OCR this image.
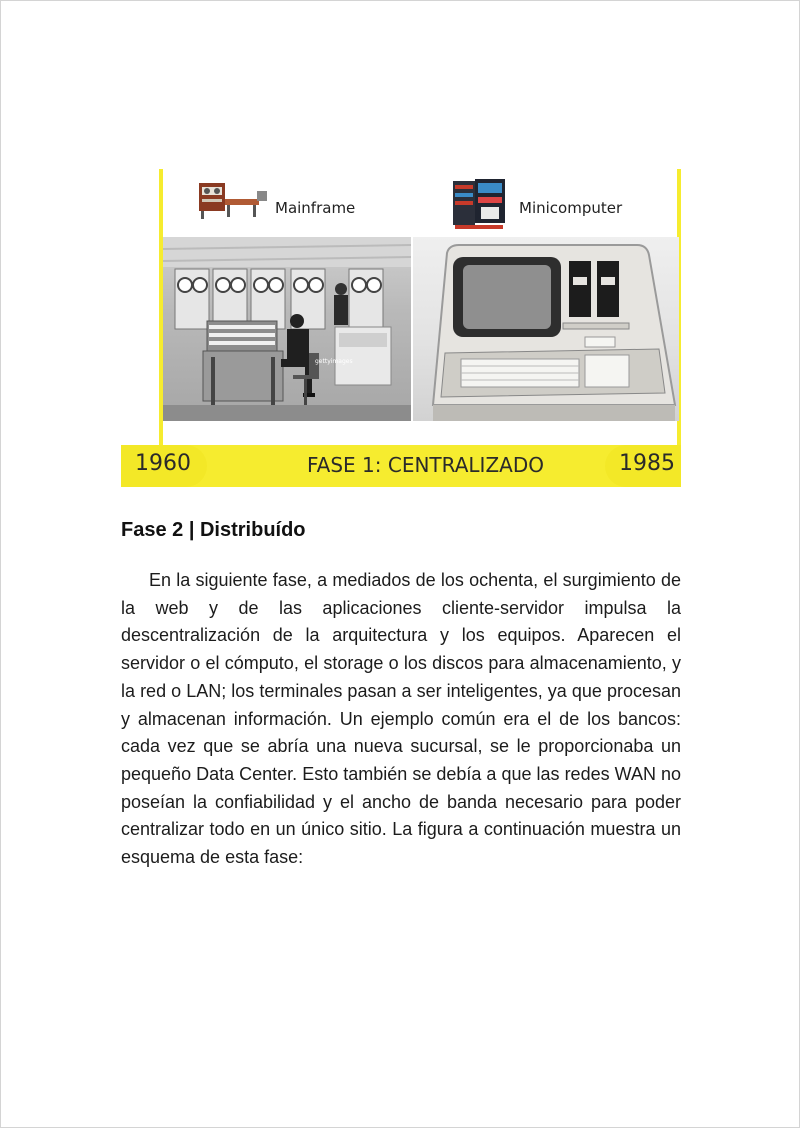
Mainframe	Minicomputer
gettyimages
1960	FASE 1: CENTRALIZADO	1985
Fase 2 | Distribuído

En la siguiente fase, a mediados de los ochenta, el surgimiento de la web y de las aplicaciones cliente-servidor impulsa la descentralización de la arquitectura y los equipos. Aparecen el servidor o el cómputo, el storage o los discos para almacenamiento, y la red o LAN; los terminales pasan a ser inteligentes, ya que procesan y almacenan información. Un ejemplo común era el de los bancos: cada vez que se abría una nueva sucursal, se le proporcionaba un pequeño Data Center. Esto también se debía a que las redes WAN no poseían la confiabilidad y el ancho de banda necesario para poder centralizar todo en un único sitio. La figura a continuación muestra un esquema de esta fase:
